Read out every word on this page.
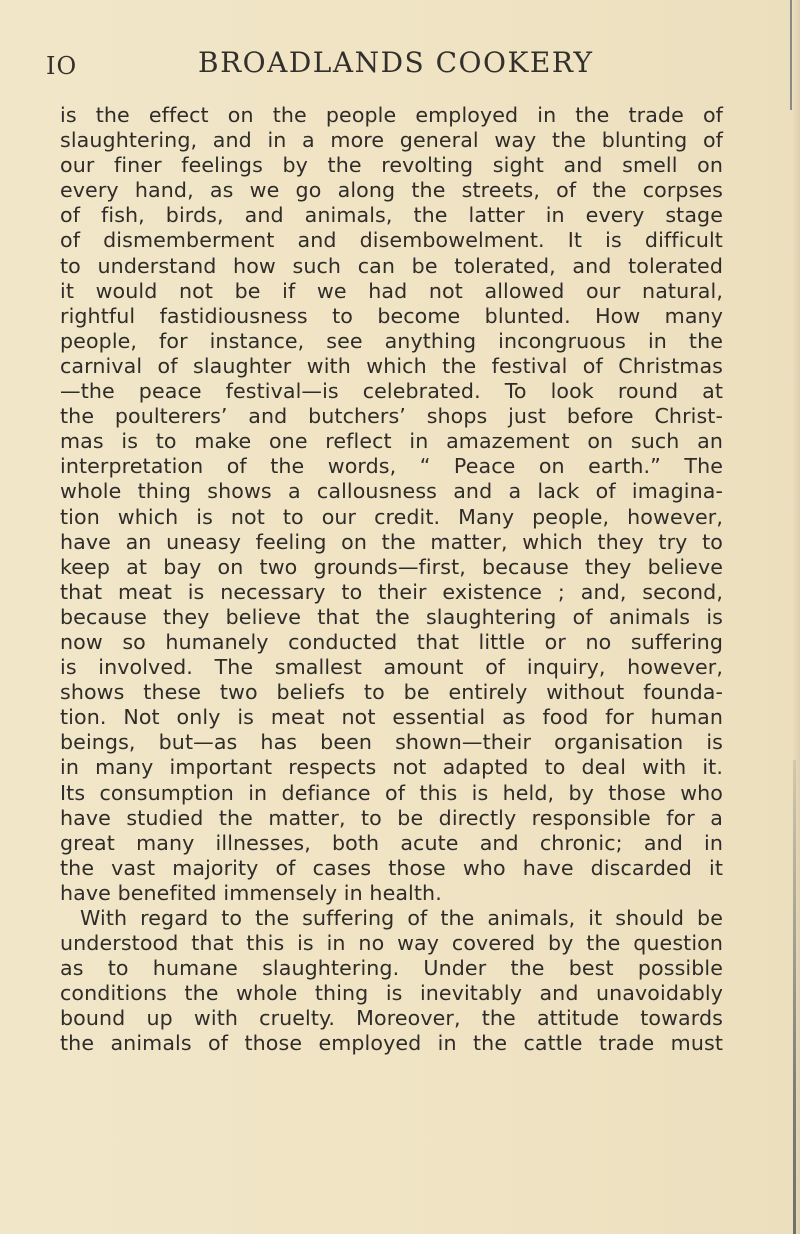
IO	BROADLANDS COOKERY
is the effect on the people employed in the trade of
slaughtering, and in a more general way the blunting of
our finer feelings by the revolting sight and smell on
every hand, as we go along the streets, of the corpses
of fish, birds, and animals, the latter in every stage
of dismemberment and disembowelment. It is difficult
to understand how such can be tolerated, and tolerated
it would not be if we had not allowed our natural,
rightful fastidiousness to become blunted. How many
people, for instance, see anything incongruous in the
carnival of slaughter with which the festival of Christmas
—the peace festival—is celebrated. To look round at
the poulterers’ and butchers’ shops just before Christ-
mas is to make one reflect in amazement on such an
interpretation of the words, “ Peace on earth.” The
whole thing shows a callousness and a lack of imagina-
tion which is not to our credit. Many people, however,
have an uneasy feeling on the matter, which they try to
keep at bay on two grounds—first, because they believe
that meat is necessary to their existence ; and, second,
because they believe that the slaughtering of animals is
now so humanely conducted that little or no suffering
is involved. The smallest amount of inquiry, however,
shows these two beliefs to be entirely without founda-
tion. Not only is meat not essential as food for human
beings, but—as has been shown—their organisation is
in many important respects not adapted to deal with it.
Its consumption in defiance of this is held, by those who
have studied the matter, to be directly responsible for a
great many illnesses, both acute and chronic; and in
the vast majority of cases those who have discarded it
have benefited immensely in health.
With regard to the suffering of the animals, it should be
understood that this is in no way covered by the question
as to humane slaughtering. Under the best possible
conditions the whole thing is inevitably and unavoidably
bound up with cruelty. Moreover, the attitude towards
the animals of those employed in the cattle trade must
